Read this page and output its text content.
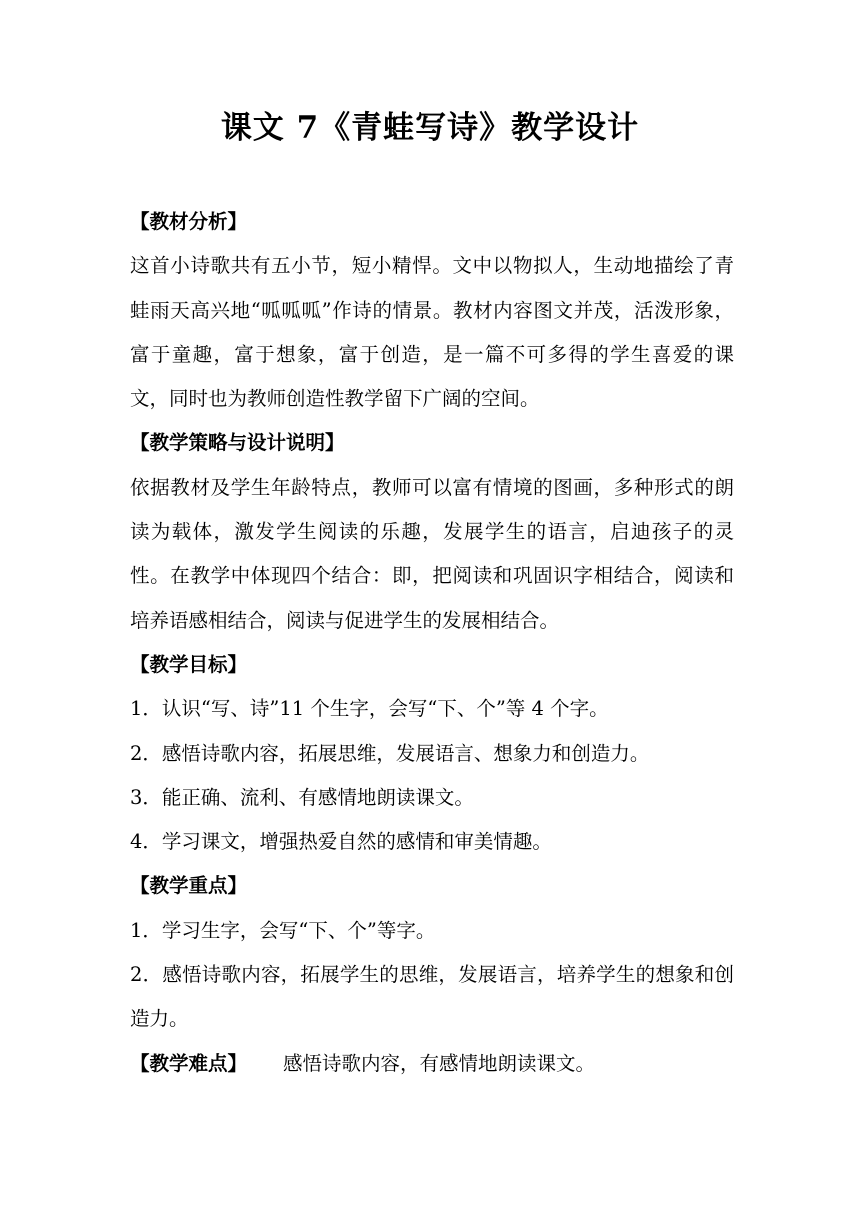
课文 7《青蛙写诗》教学设计
【教材分析】
这首小诗歌共有五小节，短小精悍。文中以物拟人，生动地描绘了青蛙雨天高兴地“呱呱呱”作诗的情景。教材内容图文并茂，活泼形象，富于童趣，富于想象，富于创造，是一篇不可多得的学生喜爱的课文，同时也为教师创造性教学留下广阔的空间。
【教学策略与设计说明】
依据教材及学生年龄特点，教师可以富有情境的图画，多种形式的朗读为载体，激发学生阅读的乐趣，发展学生的语言，启迪孩子的灵性。在教学中体现四个结合：即，把阅读和巩固识字相结合，阅读和培养语感相结合，阅读与促进学生的发展相结合。
【教学目标】
1．认识“写、诗”11 个生字，会写“下、个”等 4 个字。
2．感悟诗歌内容，拓展思维，发展语言、想象力和创造力。
3．能正确、流利、有感情地朗读课文。
4．学习课文，增强热爱自然的感情和审美情趣。
【教学重点】
1．学习生字，会写“下、个”等字。
2．感悟诗歌内容，拓展学生的思维，发展语言，培养学生的想象和创造力。
【教学难点】 感悟诗歌内容，有感情地朗读课文。
